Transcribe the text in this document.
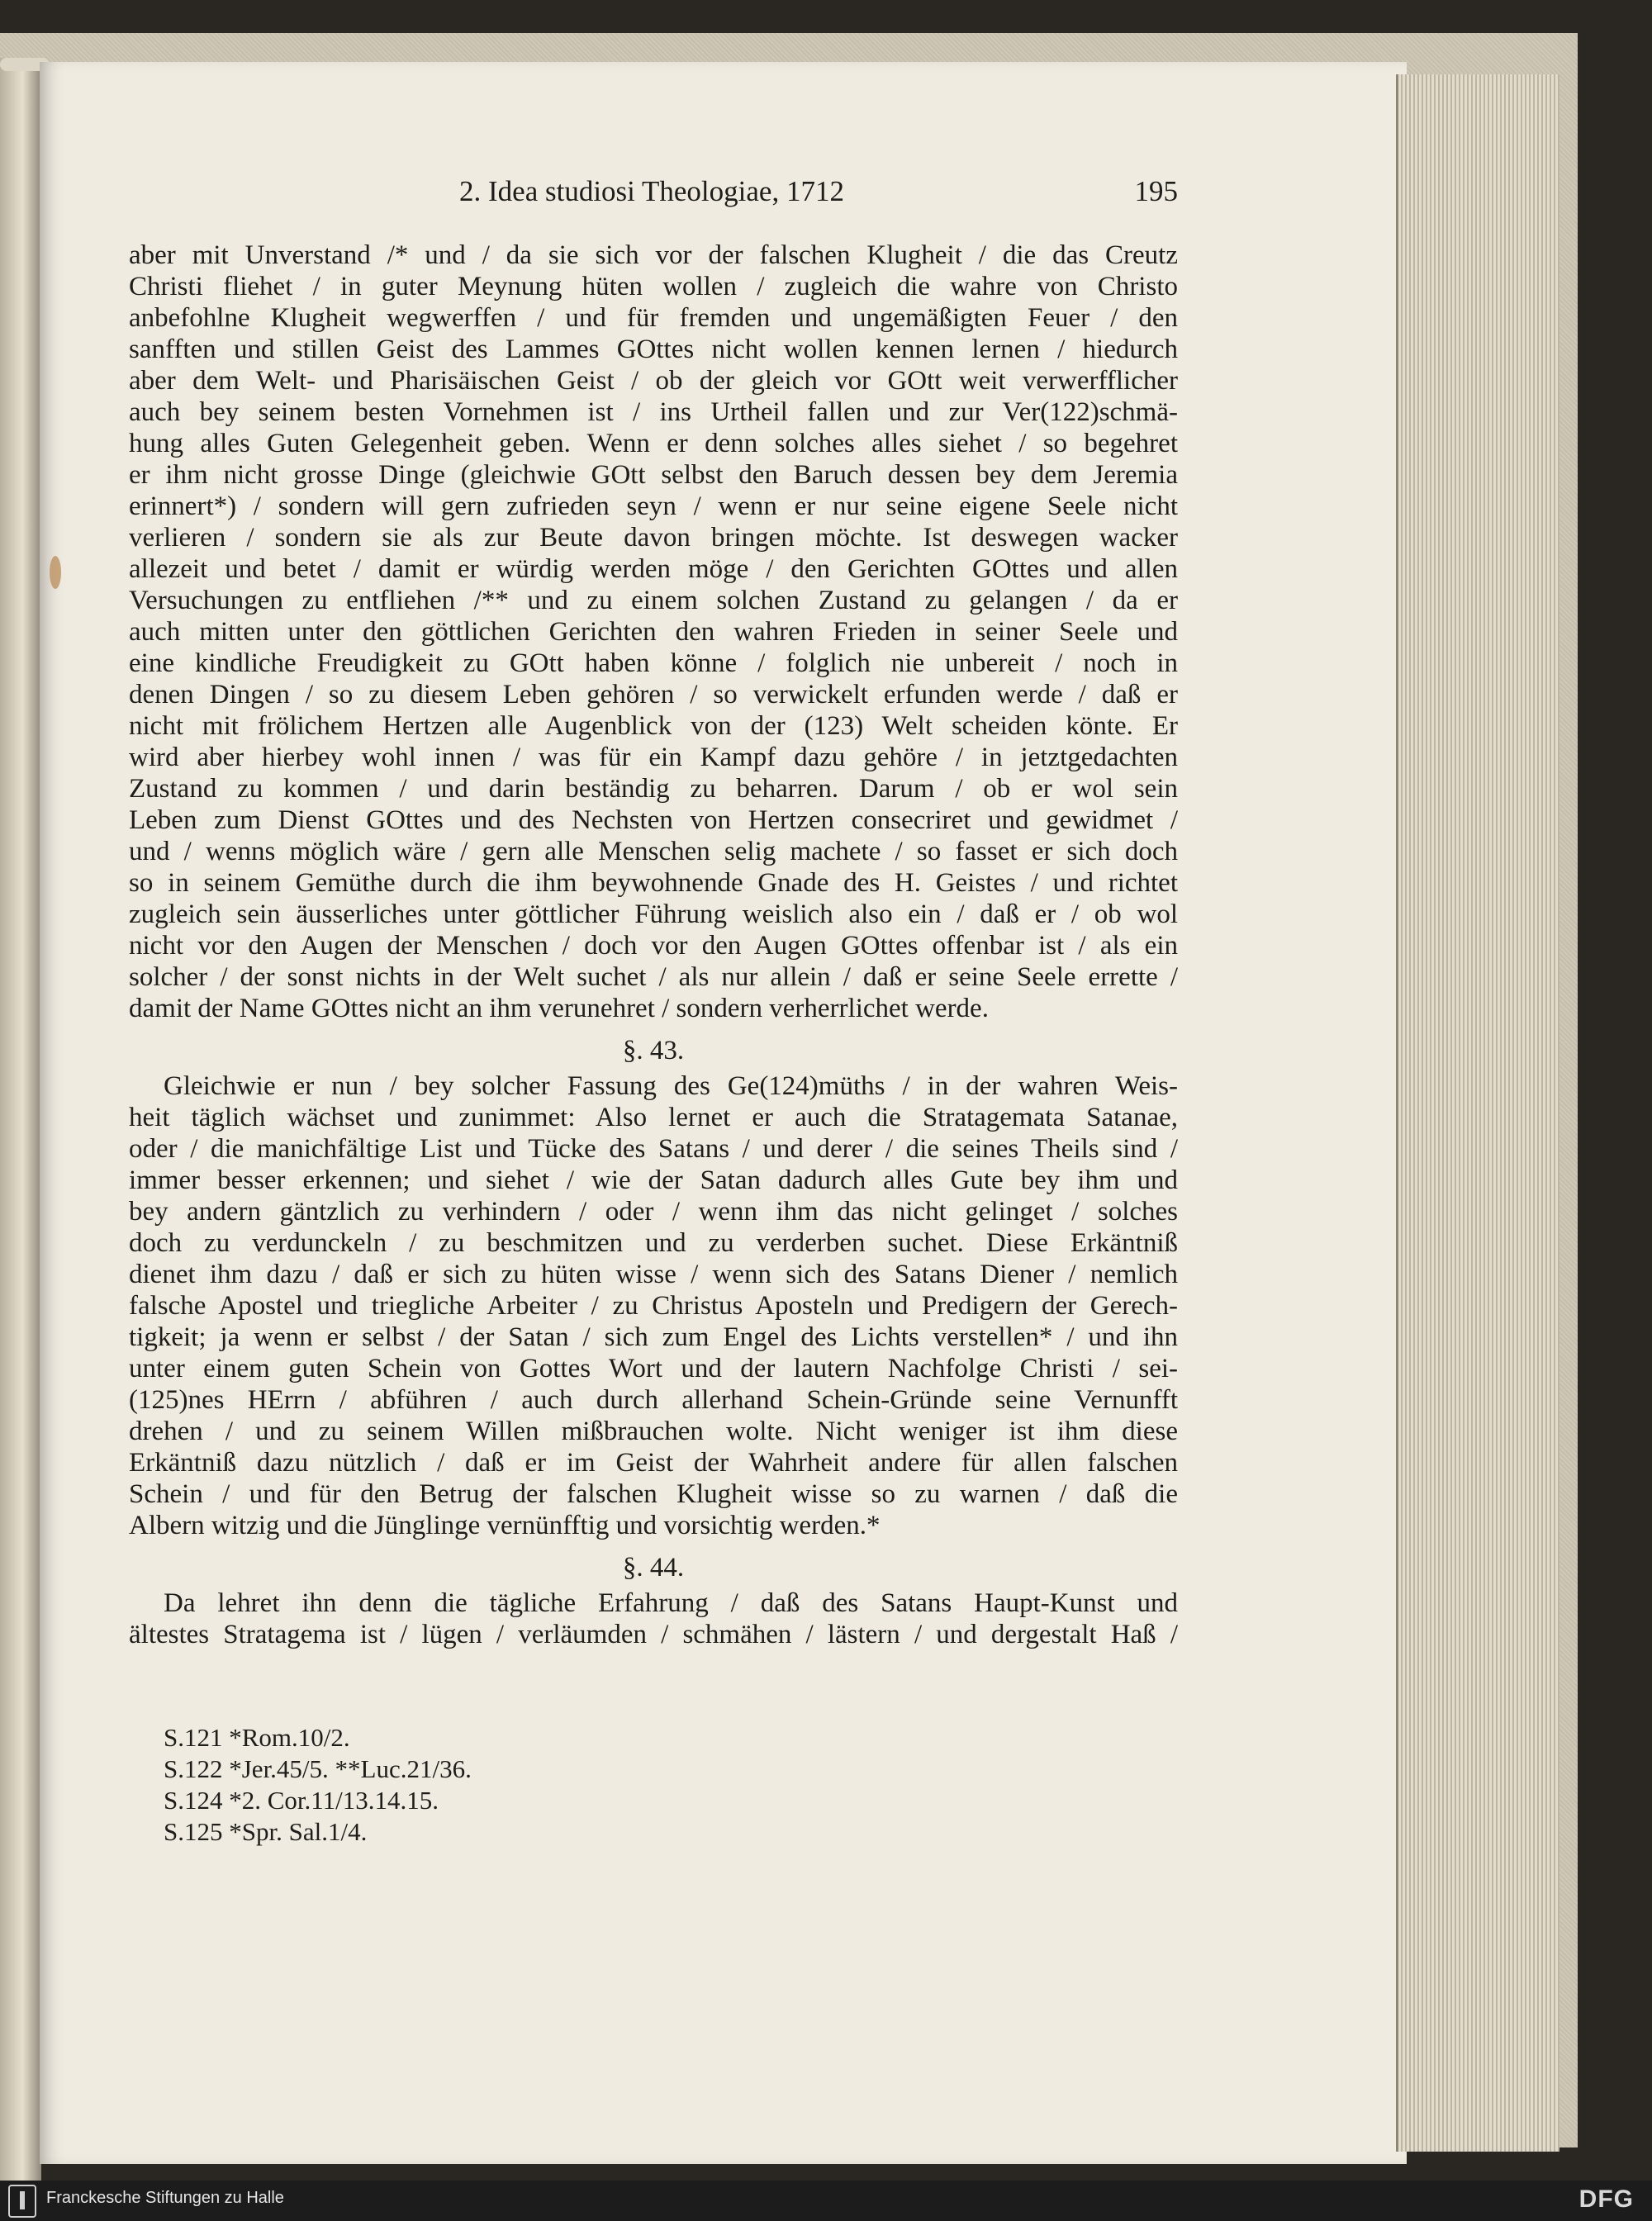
2. Idea studiosi Theologiae, 1712	195
aber mit Unverstand /* und / da sie sich vor der falschen Klugheit / die das Creutz
Christi fliehet / in guter Meynung hüten wollen / zugleich die wahre von Christo
anbefohlne Klugheit wegwerffen / und für fremden und ungemäßigten Feuer / den
sanfften und stillen Geist des Lammes GOttes nicht wollen kennen lernen / hiedurch
aber dem Welt- und Pharisäischen Geist / ob der gleich vor GOtt weit verwerfflicher
auch bey seinem besten Vornehmen ist / ins Urtheil fallen und zur Ver(122)schmä-
hung alles Guten Gelegenheit geben. Wenn er denn solches alles siehet / so begehret
er ihm nicht grosse Dinge (gleichwie GOtt selbst den Baruch dessen bey dem Jeremia
erinnert*) / sondern will gern zufrieden seyn / wenn er nur seine eigene Seele nicht
verlieren / sondern sie als zur Beute davon bringen möchte. Ist deswegen wacker
allezeit und betet / damit er würdig werden möge / den Gerichten GOttes und allen
Versuchungen zu entfliehen /** und zu einem solchen Zustand zu gelangen / da er
auch mitten unter den göttlichen Gerichten den wahren Frieden in seiner Seele und
eine kindliche Freudigkeit zu GOtt haben könne / folglich nie unbereit / noch in
denen Dingen / so zu diesem Leben gehören / so verwickelt erfunden werde / daß er
nicht mit frölichem Hertzen alle Augenblick von der (123) Welt scheiden könte. Er
wird aber hierbey wohl innen / was für ein Kampf dazu gehöre / in jetztgedachten
Zustand zu kommen / und darin beständig zu beharren. Darum / ob er wol sein
Leben zum Dienst GOttes und des Nechsten von Hertzen consecriret und gewidmet /
und / wenns möglich wäre / gern alle Menschen selig machete / so fasset er sich doch
so in seinem Gemüthe durch die ihm beywohnende Gnade des H. Geistes / und richtet
zugleich sein äusserliches unter göttlicher Führung weislich also ein / daß er / ob wol
nicht vor den Augen der Menschen / doch vor den Augen GOttes offenbar ist / als ein
solcher / der sonst nichts in der Welt suchet / als nur allein / daß er seine Seele errette /
damit der Name GOttes nicht an ihm verunehret / sondern verherrlichet werde.
§. 43.
Gleichwie er nun / bey solcher Fassung des Ge(124)müths / in der wahren Weis-
heit täglich wächset und zunimmet: Also lernet er auch die Stratagemata Satanae,
oder / die manichfältige List und Tücke des Satans / und derer / die seines Theils sind /
immer besser erkennen; und siehet / wie der Satan dadurch alles Gute bey ihm und
bey andern gäntzlich zu verhindern / oder / wenn ihm das nicht gelinget / solches
doch zu verdunckeln / zu beschmitzen und zu verderben suchet. Diese Erkäntniß
dienet ihm dazu / daß er sich zu hüten wisse / wenn sich des Satans Diener / nemlich
falsche Apostel und triegliche Arbeiter / zu Christus Aposteln und Predigern der Gerech-
tigkeit; ja wenn er selbst / der Satan / sich zum Engel des Lichts verstellen* / und ihn
unter einem guten Schein von Gottes Wort und der lautern Nachfolge Christi / sei-
(125)nes HErrn / abführen / auch durch allerhand Schein-Gründe seine Vernunfft
drehen / und zu seinem Willen mißbrauchen wolte. Nicht weniger ist ihm diese
Erkäntniß dazu nützlich / daß er im Geist der Wahrheit andere für allen falschen
Schein / und für den Betrug der falschen Klugheit wisse so zu warnen / daß die
Albern witzig und die Jünglinge vernünfftig und vorsichtig werden.*
§. 44.
Da lehret ihn denn die tägliche Erfahrung / daß des Satans Haupt-Kunst und
ältestes Stratagema ist / lügen / verläumden / schmähen / lästern / und dergestalt Haß /
S.121 *Rom.10/2.
S.122 *Jer.45/5. **Luc.21/36.
S.124 *2. Cor.11/13.14.15.
S.125 *Spr. Sal.1/4.
Franckesche Stiftungen zu Halle	DFG
